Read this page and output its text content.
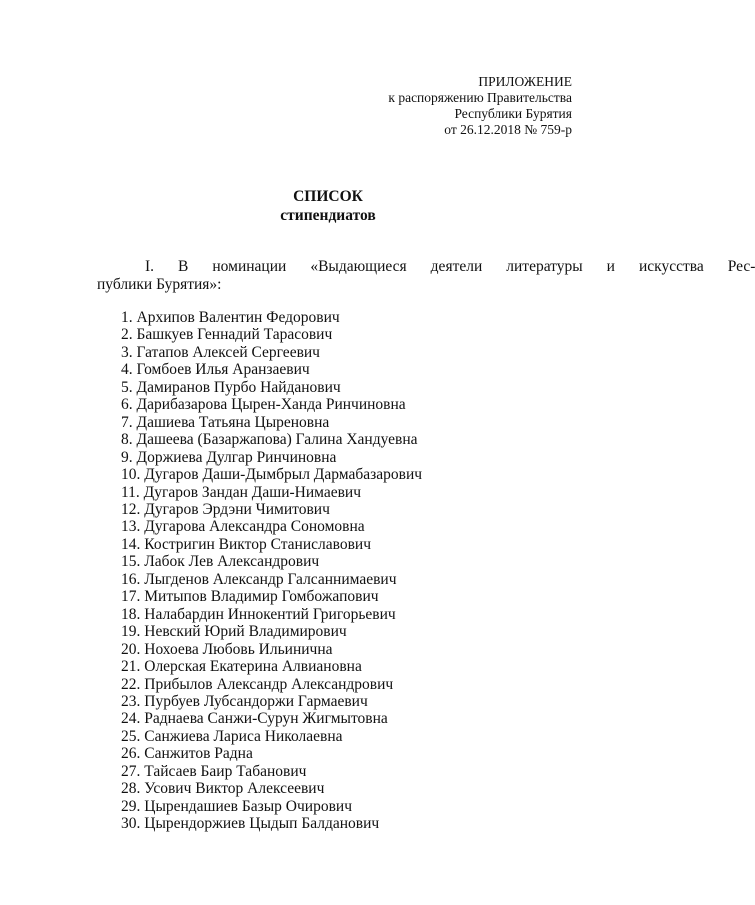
ПРИЛОЖЕНИЕ
к распоряжению Правительства
Республики Бурятия
от 26.12.2018 № 759-р
СПИСОК
стипендиатов
I.	В	номинации	«Выдающиеся	деятели	литературы	и	искусства	Рес-
публики Бурятия»:
1. Архипов Валентин Федорович
2. Башкуев Геннадий Тарасович
3. Гатапов Алексей Сергеевич
4. Гомбоев Илья Аранзаевич
5. Дамиранов Пурбо Найданович
6. Дарибазарова Цырен-Ханда Ринчиновна
7. Дашиева Татьяна Цыреновна
8. Дашеева (Базаржапова) Галина Хандуевна
9. Доржиева Дулгар Ринчиновна
10. Дугаров Даши-Дымбрыл Дармабазарович
11. Дугаров Зандан Даши-Нимаевич
12. Дугаров Эрдэни Чимитович
13. Дугарова Александра Сономовна
14. Костригин Виктор Станиславович
15. Лабок Лев Александрович
16. Лыгденов Александр Галсаннимаевич
17. Митыпов Владимир Гомбожапович
18. Налабардин Иннокентий Григорьевич
19. Невский Юрий Владимирович
20. Нохоева Любовь Ильинична
21. Олерская Екатерина Алвиановна
22. Прибылов Александр Александрович
23. Пурбуев Лубсандоржи Гармаевич
24. Раднаева Санжи-Сурун Жигмытовна
25. Санжиева Лариса Николаевна
26. Санжитов Радна
27. Тайсаев Баир Табанович
28. Усович Виктор Алексеевич
29. Цырендашиев Базыр Очирович
30. Цырендоржиев Цыдып Балданович
